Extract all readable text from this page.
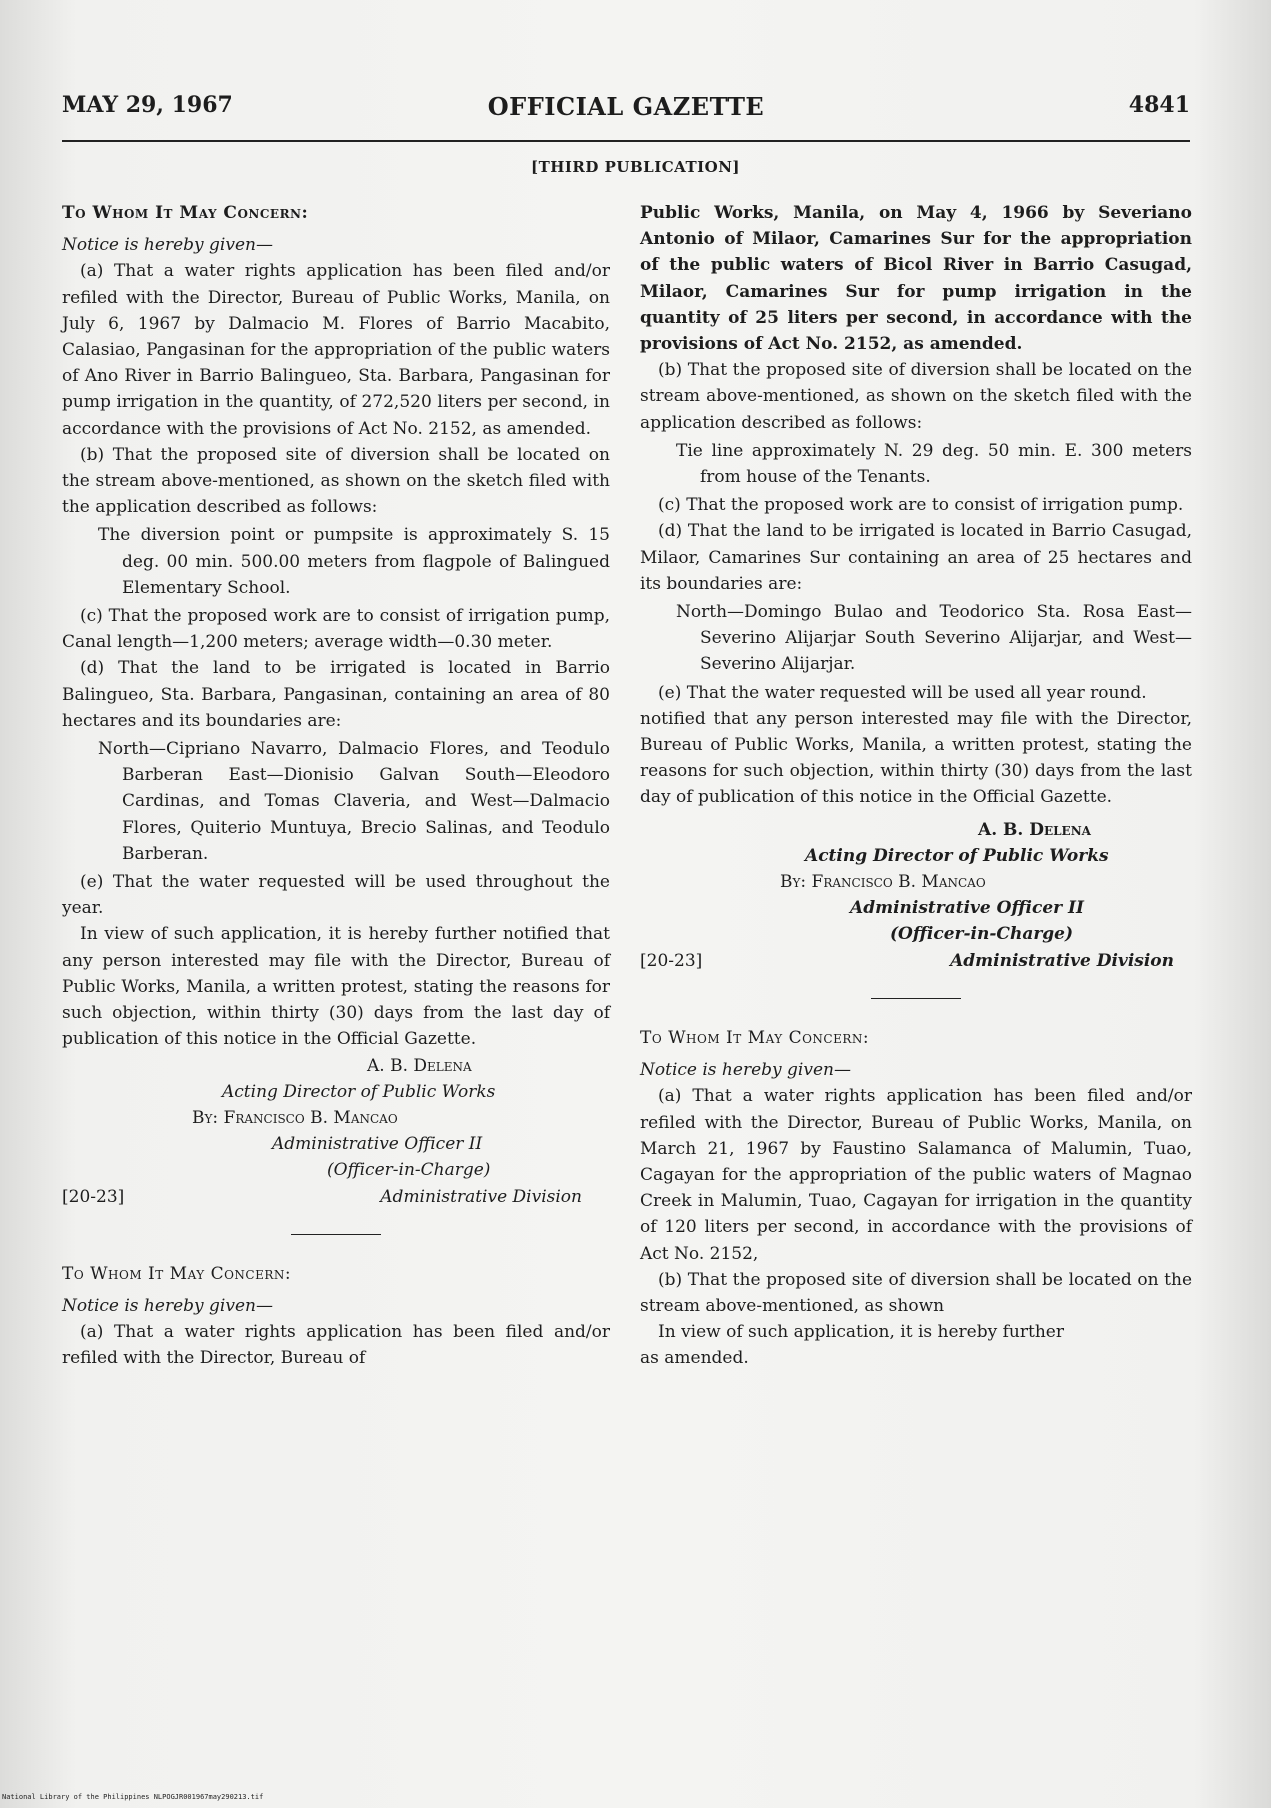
MAY 29, 1967	OFFICIAL GAZETTE	4841
[THIRD PUBLICATION]

To Whom It May Concern:

Notice is hereby given—

(a) That a water rights application has been filed and/or refiled with the Director, Bureau of Public Works, Manila, on July 6, 1967 by Dalmacio M. Flores of Barrio Macabito, Calasiao, Pangasinan for the appropriation of the public waters of Ano River in Barrio Balingueo, Sta. Barbara, Pangasinan for pump irrigation in the quantity, of 272,520 liters per second, in accordance with the provisions of Act No. 2152, as amended.

(b) That the proposed site of diversion shall be located on the stream above-mentioned, as shown on the sketch filed with the application described as follows:

The diversion point or pumpsite is approximately S. 15 deg. 00 min. 500.00 meters from flagpole of Balingued Elementary School.

(c) That the proposed work are to consist of irrigation pump, Canal length—1,200 meters; average width—0.30 meter.

(d) That the land to be irrigated is located in Barrio Balingueo, Sta. Barbara, Pangasinan, containing an area of 80 hectares and its boundaries are:

North—Cipriano Navarro, Dalmacio Flores, and Teodulo Barberan East—Dionisio Galvan South—Eleodoro Cardinas, and Tomas Claveria, and West—Dalmacio Flores, Quiterio Muntuya, Brecio Salinas, and Teodulo Barberan.

(e) That the water requested will be used throughout the year.

In view of such application, it is hereby further notified that any person interested may file with the Director, Bureau of Public Works, Manila, a written protest, stating the reasons for such objection, within thirty (30) days from the last day of publication of this notice in the Official Gazette.

A. B. Delena
Acting Director of Public Works
By: Francisco B. Mancao
Administrative Officer II
(Officer-in-Charge)
[20-23]	Administrative Division

To Whom It May Concern:

Notice is hereby given—

(a) That a water rights application has been filed and/or refiled with the Director, Bureau of

Public Works, Manila, on May 4, 1966 by Severiano Antonio of Milaor, Camarines Sur for the appropriation of the public waters of Bicol River in Barrio Casugad, Milaor, Camarines Sur for pump irrigation in the quantity of 25 liters per second, in accordance with the provisions of Act No. 2152, as amended.

(b) That the proposed site of diversion shall be located on the stream above-mentioned, as shown on the sketch filed with the application described as follows:

Tie line approximately N. 29 deg. 50 min. E. 300 meters from house of the Tenants.

(c) That the proposed work are to consist of irrigation pump.

(d) That the land to be irrigated is located in Barrio Casugad, Milaor, Camarines Sur containing an area of 25 hectares and its boundaries are:

North—Domingo Bulao and Teodorico Sta. Rosa East—Severino Alijarjar South Severino Alijarjar, and West—Severino Alijarjar.

(e) That the water requested will be used all year round.

notified that any person interested may file with the Director, Bureau of Public Works, Manila, a written protest, stating the reasons for such objection, within thirty (30) days from the last day of publication of this notice in the Official Gazette.

A. B. Delena
Acting Director of Public Works
By: Francisco B. Mancao
Administrative Officer II
(Officer-in-Charge)
[20-23]	Administrative Division

To Whom It May Concern:

Notice is hereby given—

(a) That a water rights application has been filed and/or refiled with the Director, Bureau of Public Works, Manila, on March 21, 1967 by Faustino Salamanca of Malumin, Tuao, Cagayan for the appropriation of the public waters of Magnao Creek in Malumin, Tuao, Cagayan for irrigation in the quantity of 120 liters per second, in accordance with the provisions of Act No. 2152,

(b) That the proposed site of diversion shall be located on the stream above-mentioned, as shown

In view of such application, it is hereby further

as amended.

National Library of the Philippines NLPOGJR001967may290213.tif
